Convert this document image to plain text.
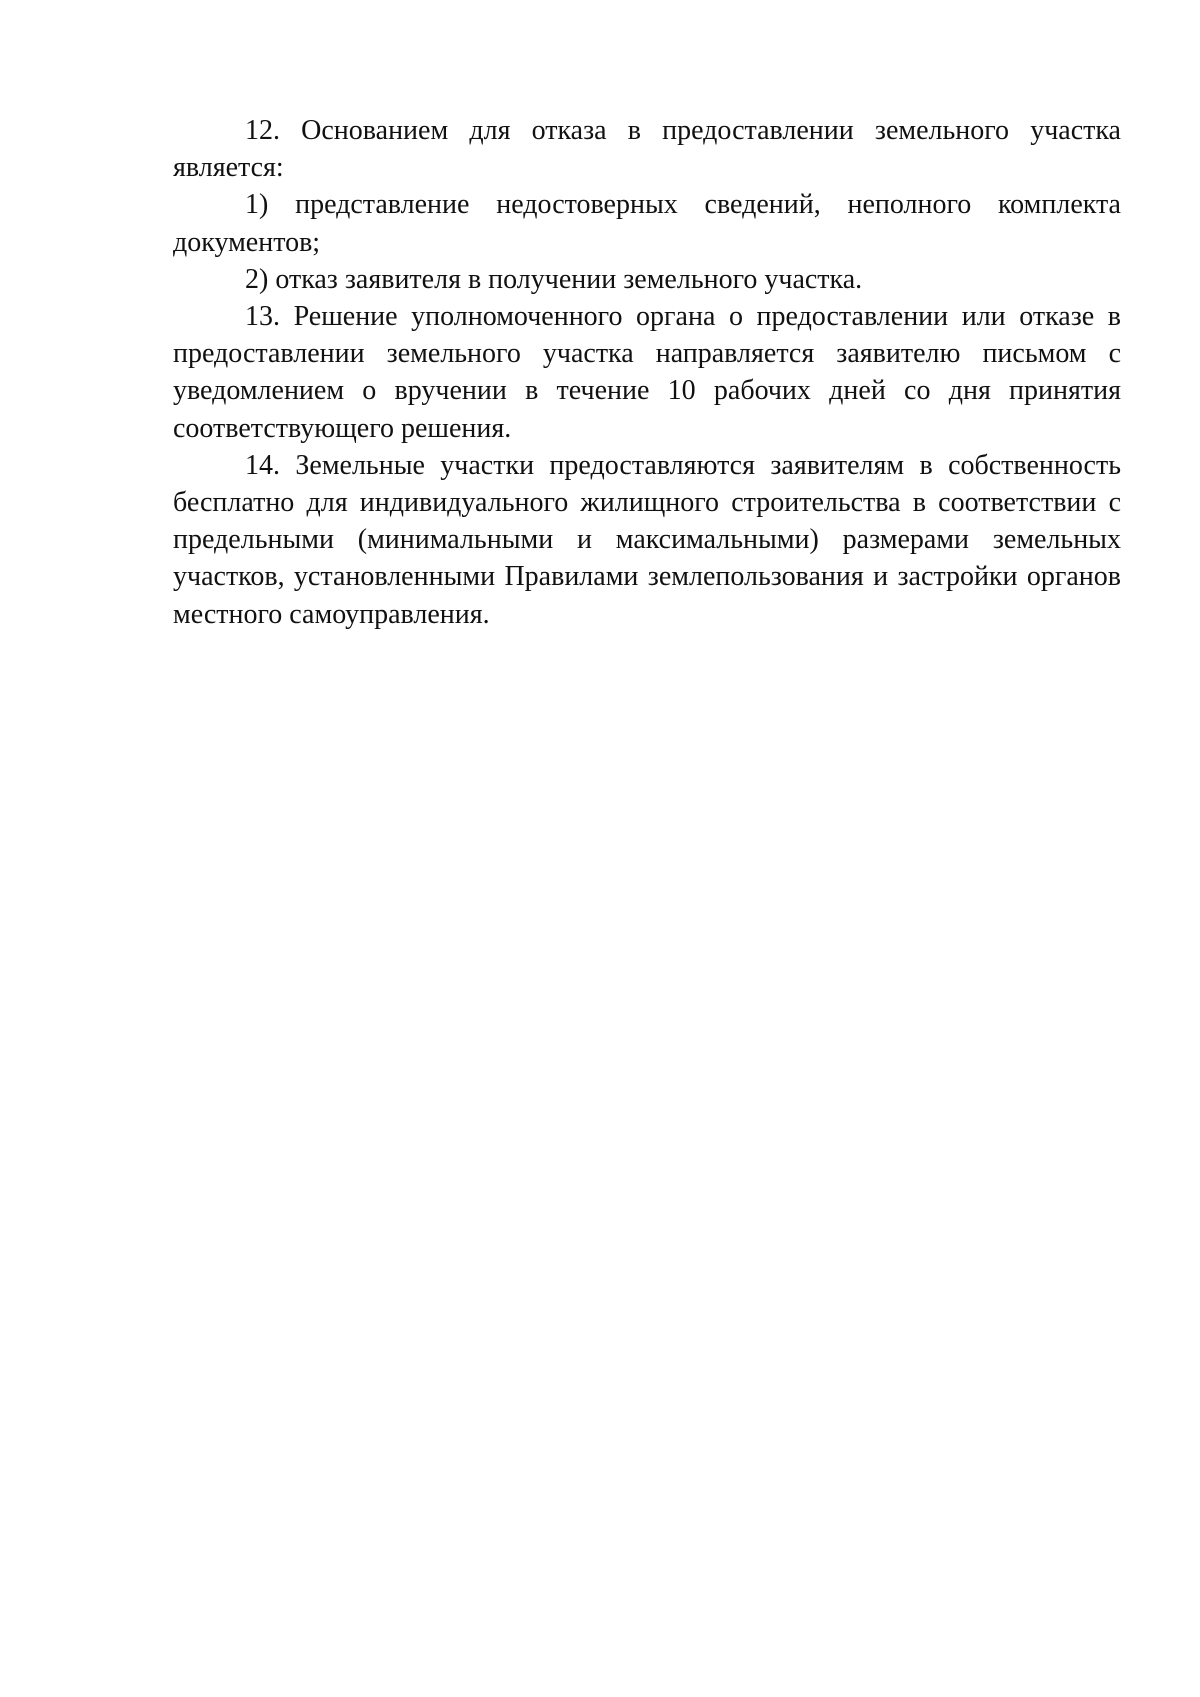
12. Основанием для отказа в предоставлении земельного участка является:

1) представление недостоверных сведений, неполного комплекта документов;

2) отказ заявителя в получении земельного участка.

13. Решение уполномоченного органа о предоставлении или отказе в предоставлении земельного участка направляется заявителю письмом с уведомлением о вручении в течение 10 рабочих дней со дня принятия соответствующего решения.

14. Земельные участки предоставляются заявителям в собственность бесплатно для индивидуального жилищного строительства в соответствии с предельными (минимальными и максимальными) размерами земельных участков, установленными Правилами землепользования и застройки органов местного самоуправления.
